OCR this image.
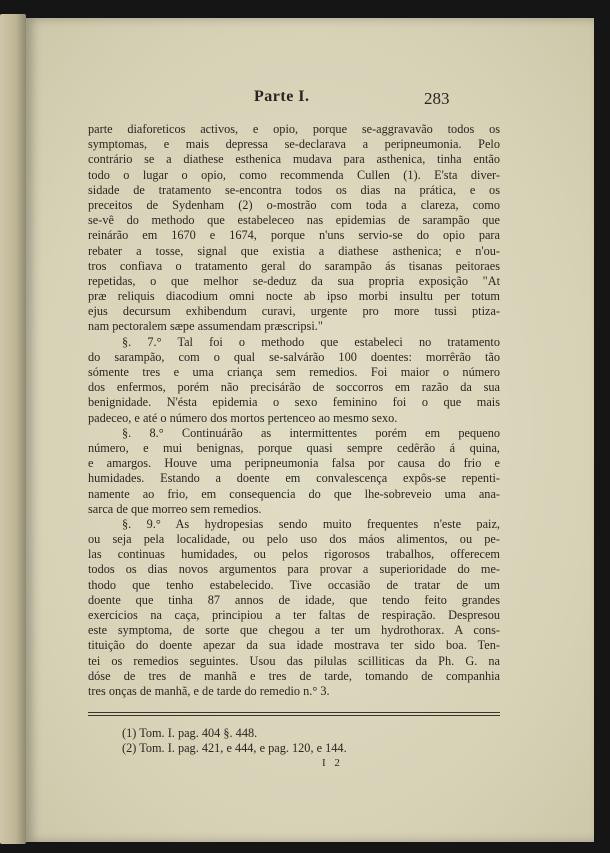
Parte I.	283
parte diaforeticos activos, e opio, porque se-aggravavão todos os
symptomas, e mais depressa se-declarava a peripneumonia. Pelo
contrário se a diathese esthenica mudava para asthenica, tinha então
todo o lugar o opio, como recommenda Cullen (1). E'sta diver-
sidade de tratamento se-encontra todos os dias na prática, e os
preceitos de Sydenham (2) o-mostrão com toda a clareza, como
se-vê do methodo que estabeleceo nas epidemias de sarampão que
reinárão em 1670 e 1674, porque n'uns servio-se do opio para
rebater a tosse, signal que existia a diathese asthenica; e n'ou-
tros confiava o tratamento geral do sarampão ás tisanas peitoraes
repetidas, o que melhor se-deduz da sua propria exposição "At
præ reliquis diacodium omni nocte ab ipso morbi insultu per totum
ejus decursum exhibendum curavi, urgente pro more tussi ptiza-
nam pectoralem sæpe assumendam præscripsi."
§. 7.° Tal foi o methodo que estabeleci no tratamento
do sarampão, com o qual se-salvárão 100 doentes: morrêrão tão
sómente tres e uma criança sem remedios. Foi maior o número
dos enfermos, porém não precisárão de soccorros em razão da sua
benignidade. N'ésta epidemia o sexo feminino foi o que mais
padeceo, e até o número dos mortos pertenceo ao mesmo sexo.
§. 8.° Continuárão as intermittentes porém em pequeno
número, e mui benignas, porque quasi sempre cedêrão á quina,
e amargos. Houve uma peripneumonia falsa por causa do frio e
humidades. Estando a doente em convalescença expôs-se repenti-
namente ao frio, em consequencia do que lhe-sobreveio uma ana-
sarca de que morreo sem remedios.
§. 9.° As hydropesias sendo muito frequentes n'este paiz,
ou seja pela localidade, ou pelo uso dos máos alimentos, ou pe-
las continuas humidades, ou pelos rigorosos trabalhos, offerecem
todos os dias novos argumentos para provar a superioridade do me-
thodo que tenho estabelecido. Tive occasião de tratar de um
doente que tinha 87 annos de idade, que tendo feito grandes
exercicios na caça, principiou a ter faltas de respiração. Despresou
este symptoma, de sorte que chegou a ter um hydrothorax. A cons-
tituição do doente apezar da sua idade mostrava ter sido boa. Ten-
tei os remedios seguintes. Usou das pilulas scilliticas da Ph. G. na
dóse de tres de manhã e tres de tarde, tomando de companhia
tres onças de manhã, e de tarde do remedio n.° 3.
(1) Tom. I. pag. 404 §. 448.
(2) Tom. I. pag. 421, e 444, e pag. 120, e 144.
I 2
